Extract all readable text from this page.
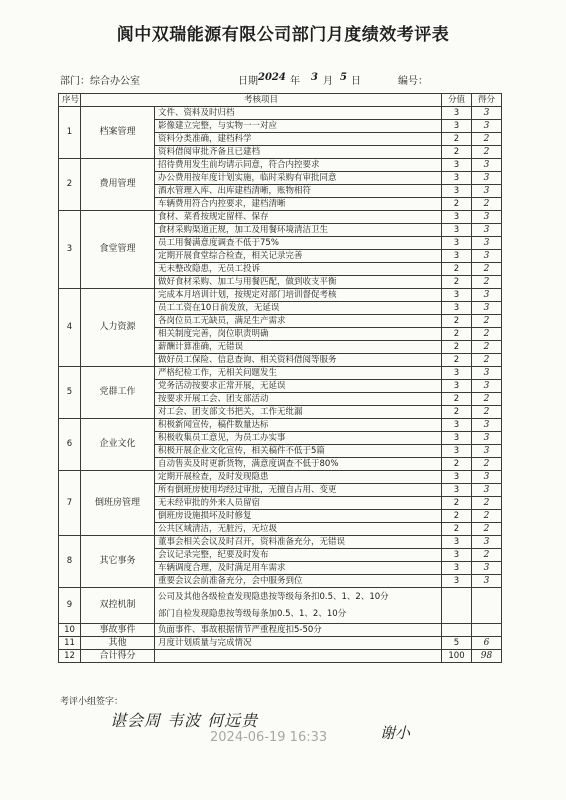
阆中双瑞能源有限公司部门月度绩效考评表
部门：综合办公室	日期 2024 年 3 月 5 日	编号：
序号	考核项目		分值	得分
1	档案管理	文件、资料及时归档	3	3
		影像建立完整，与实物一一对应	3	3
		资料分类准确，建档科学	2	2
		资料借阅审批齐备且已建档	2	2
2	费用管理	招待费用发生前均请示同意，符合内控要求	3	3
		办公费用按年度计划实施，临时采购有审批同意	3	3
		酒水管理入库、出库建档清晰，账物相符	3	3
		车辆费用符合内控要求，建档清晰	2	2
3	食堂管理	食材、菜肴按规定留样、保存	3	3
		食材采购渠道正规，加工及用餐环境清洁卫生	3	3
		员工用餐满意度调查不低于75%	3	3
		定期开展食堂综合检查，相关记录完善	3	3
		无未整改隐患，无员工投诉	2	2
		做好食材采购、加工与用餐匹配，做到收支平衡	2	2
4	人力资源	完成本月培训计划，按规定对部门培训督促考核	3	3
		员工工资在10日前发放，无延误	3	3
		各岗位员工无缺员，满足生产需求	2	2
		相关制度完善，岗位职责明确	2	2
		薪酬计算准确，无错误	2	2
		做好员工保险、信息查询、相关资料借阅等服务	2	2
5	党群工作	严格纪检工作，无相关问题发生	3	3
		党务活动按要求正常开展，无延误	3	3
		按要求开展工会、团支部活动	2	2
		对工会、团支部文书把关，工作无纰漏	2	2
6	企业文化	积极新闻宣传，稿件数量达标	3	3
		积极收集员工意见，为员工办实事	3	3
		积极开展企业文化宣传，相关稿件不低于5篇	3	3
		自动售卖及时更新货物，满意度调查不低于80%	2	2
7	倒班房管理	定期开展检查，及时发现隐患	3	3
		所有倒班房使用均经过审批，无擅自占用、变更	3	3
		无未经审批的外来人员留宿	2	2
		倒班房设施损坏及时修复	2	2
		公共区域清洁，无脏污，无垃圾	2	2
8	其它事务	董事会相关会议及时召开，资料准备充分，无错误	3	3
		会议记录完整，纪要及时发布	3	2
		车辆调度合理，及时满足用车需求	3	3
		重要会议会前准备充分，会中服务到位	3	3
9	双控机制	公司及其他各级检查发现隐患按等级每条扣0.5、1、2、10分
部门自检发现隐患按等级每条加0.5、1、2、10分		

10	事故事件	负面事件、事故根据情节严重程度扣5-50分		
11	其他	月度计划质量与完成情况	5	6
12	合计得分		100	98
考评小组签字：
谌会周 韦波 何远贵
2024-06-19 16:33	谢小
